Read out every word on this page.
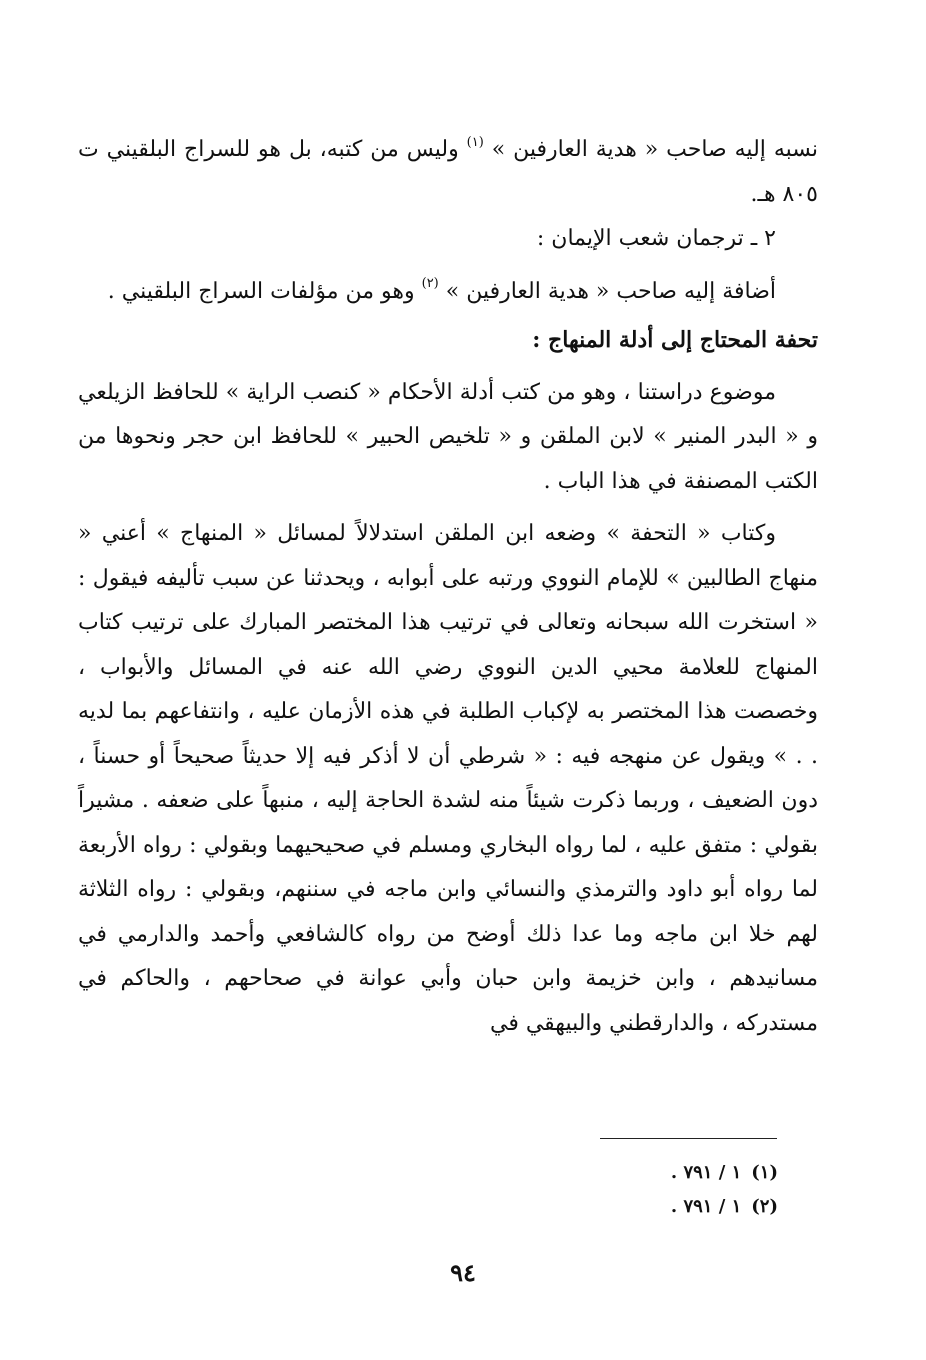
نسبه إليه صاحب « هدية العارفين » $^{(١)}$ وليس من كتبه، بل هو للسراج البلقيني ت ٨٠٥ هـ.

٢ ـ ترجمان شعب الإيمان :

أضافة إليه صاحب « هدية العارفين » $^{(٢)}$ وهو من مؤلفات السراج البلقيني .

تحفة المحتاج إلى أدلة المنهاج :

موضوع دراستنا ، وهو من كتب أدلة الأحكام « كنصب الراية » للحافظ الزيلعي و « البدر المنير » لابن الملقن و « تلخيص الحبير » للحافظ ابن حجر ونحوها من الكتب المصنفة في هذا الباب .

وكتاب « التحفة » وضعه ابن الملقن استدلالاً لمسائل « المنهاج » أعني « منهاج الطالبين » للإمام النووي ورتبه على أبوابه ، ويحدثنا عن سبب تأليفه فيقول : « استخرت الله سبحانه وتعالى في ترتيب هذا المختصر المبارك على ترتيب كتاب المنهاج للعلامة محيي الدين النووي رضي الله عنه في المسائل والأبواب ، وخصصت هذا المختصر به لإكباب الطلبة في هذه الأزمان عليه ، وانتفاعهم بما لديه . . » ويقول عن منهجه فيه : « شرطي أن لا أذكر فيه إلا حديثاً صحيحاً أو حسناً ، دون الضعيف ، وربما ذكرت شيئاً منه لشدة الحاجة إليه ، منبهاً على ضعفه . مشيراً بقولي : متفق عليه ، لما رواه البخاري ومسلم في صحيحيهما وبقولي : رواه الأربعة لما رواه أبو داود والترمذي والنسائي وابن ماجه في سننهم، وبقولي : رواه الثلاثة لهم خلا ابن ماجه وما عدا ذلك أوضح من رواه كالشافعي وأحمد والدارمي في مسانيدهم ، وابن خزيمة وابن حبان وأبي عوانة في صحاحهم ، والحاكم في مستدركه ، والدارقطني والبيهقي في

(١)١ / ٧٩١ .
(٢)١ / ٧٩١ .
٩٤
